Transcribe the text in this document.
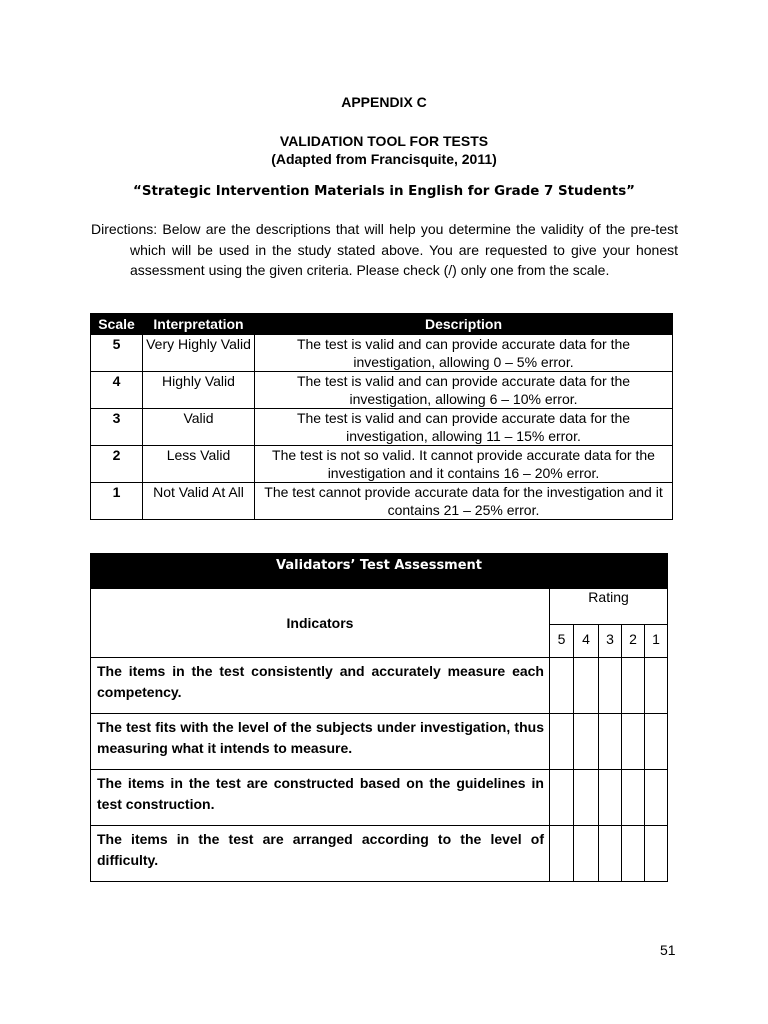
APPENDIX C
VALIDATION TOOL FOR TESTS
(Adapted from Francisquite, 2011)
“Strategic Intervention Materials in English for Grade 7 Students”
Directions: Below are the descriptions that will help you determine the validity of the pre-test which will be used in the study stated above. You are requested to give your honest assessment using the given criteria. Please check (/) only one from the scale.
Scale	Interpretation	Description
5	Very Highly Valid	The test is valid and can provide accurate data for the investigation, allowing 0 – 5% error.
4	Highly Valid	The test is valid and can provide accurate data for the investigation, allowing 6 – 10% error.
3	Valid	The test is valid and can provide accurate data for the investigation, allowing 11 – 15% error.
2	Less Valid	The test is not so valid. It cannot provide accurate data for the investigation and it contains 16 – 20% error.
1	Not Valid At All	The test cannot provide accurate data for the investigation and it contains 21 – 25% error.
Validators’ Test Assessment					
Indicators	Rating				
	5	4	3	2	1
The items in the test consistently and accurately measure each competency.					
The test fits with the level of the subjects under investigation, thus measuring what it intends to measure.					
The items in the test are constructed based on the guidelines in test construction.					
The items in the test are arranged according to the level of difficulty.					
51
